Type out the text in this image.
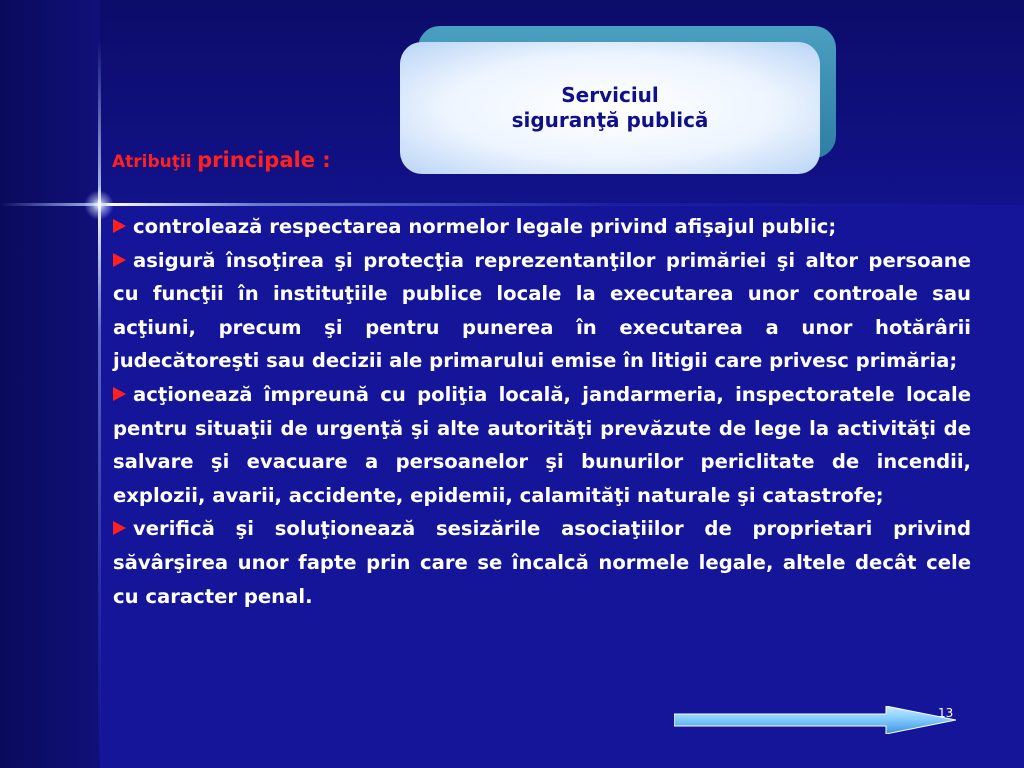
Serviciul
siguranţă publică
Atribuţii principale :

controlează respectarea normelor legale privind afişajul public;

asigură însoţirea şi protecţia reprezentanţilor primăriei şi altor persoane cu funcţii în instituţiile publice locale la executarea unor controale sau acţiuni, precum şi pentru punerea în executarea a unor hotărârii judecătoreşti sau decizii ale primarului emise în litigii care privesc primăria;

acţionează împreună cu poliţia locală, jandarmeria, inspectoratele locale pentru situaţii de urgenţă şi alte autorităţi prevăzute de lege la activităţi de salvare şi evacuare a persoanelor şi bunurilor periclitate de incendii, explozii, avarii, accidente, epidemii, calamităţi naturale şi catastrofe;

verifică şi soluţionează sesizările asociaţiilor de proprietari privind săvârşirea unor fapte prin care se încalcă normele legale, altele decât cele cu caracter penal.

13
